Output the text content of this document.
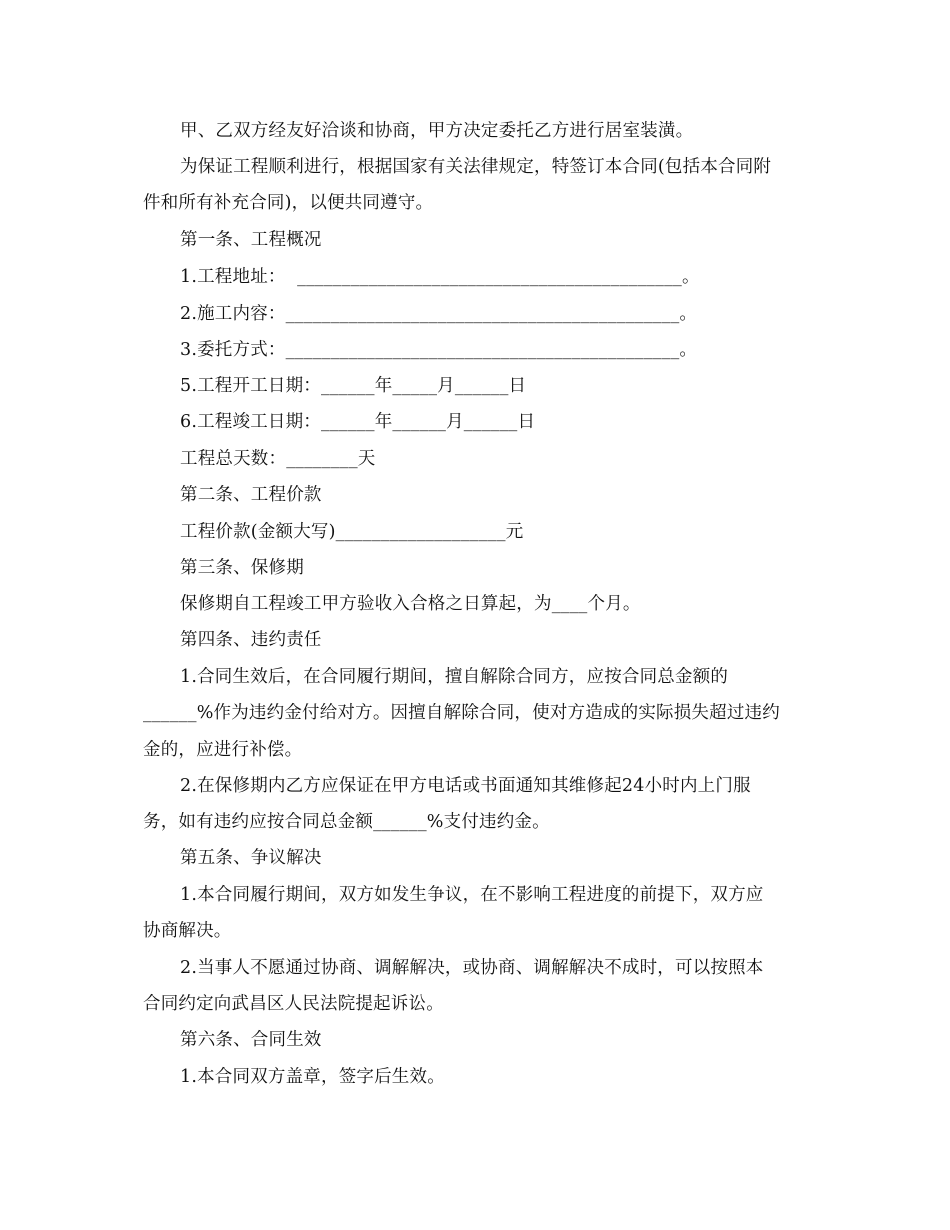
甲、乙双方经友好洽谈和协商，甲方决定委托乙方进行居室装潢。
为保证工程顺利进行，根据国家有关法律规定，特签订本合同(包括本合同附
件和所有补充合同)，以便共同遵守。
第一条、工程概况
1.工程地址：  ___________________________________________。
2.施工内容：____________________________________________。
3.委托方式：____________________________________________。
5.工程开工日期：______年_____月______日
6.工程竣工日期：______年______月______日
工程总天数：________天
第二条、工程价款
工程价款(金额大写)___________________元
第三条、保修期
保修期自工程竣工甲方验收入合格之日算起，为____个月。
第四条、违约责任
1.合同生效后，在合同履行期间，擅自解除合同方，应按合同总金额的
______%作为违约金付给对方。因擅自解除合同，使对方造成的实际损失超过违约
金的，应进行补偿。
2.在保修期内乙方应保证在甲方电话或书面通知其维修起24小时内上门服
务，如有违约应按合同总金额______%支付违约金。
第五条、争议解决
1.本合同履行期间，双方如发生争议，在不影响工程进度的前提下，双方应
协商解决。
2.当事人不愿通过协商、调解解决，或协商、调解解决不成时，可以按照本
合同约定向武昌区人民法院提起诉讼。
第六条、合同生效
1.本合同双方盖章，签字后生效。
